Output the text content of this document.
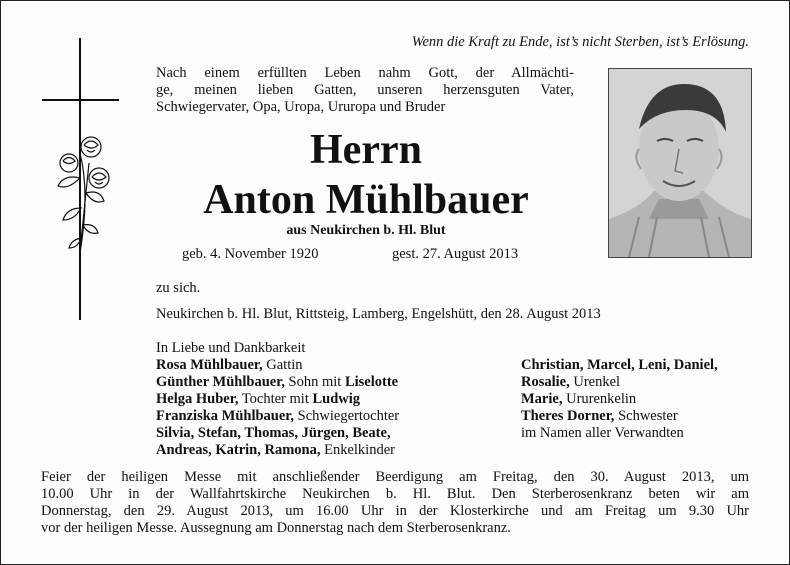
Wenn die Kraft zu Ende, ist’s nicht Sterben, ist’s Erlösung.
Nach einem erfüllten Leben nahm Gott, der Allmächti-
ge, meinen lieben Gatten, unseren herzensguten Vater,
Schwiegervater, Opa, Uropa, Ururopa und Bruder
Herrn
Anton Mühlbauer
aus Neukirchen b. Hl. Blut
geb. 4. November 1920	gest. 27. August 2013
zu sich.
Neukirchen b. Hl. Blut, Rittsteig, Lamberg, Engelshütt, den 28. August 2013
In Liebe und Dankbarkeit
Rosa Mühlbauer, Gattin
Günther Mühlbauer, Sohn mit Liselotte
Helga Huber, Tochter mit Ludwig
Franziska Mühlbauer, Schwiegertochter
Silvia, Stefan, Thomas, Jürgen, Beate,
Andreas, Katrin, Ramona, Enkelkinder
Christian, Marcel, Leni, Daniel,
Rosalie, Urenkel
Marie, Ururenkelin
Theres Dorner, Schwester
im Namen aller Verwandten
Feier der heiligen Messe mit anschließender Beerdigung am Freitag, den 30. August 2013, um
10.00 Uhr in der Wallfahrtskirche Neukirchen b. Hl. Blut. Den Sterberosenkranz beten wir am
Donnerstag, den 29. August 2013, um 16.00 Uhr in der Klosterkirche und am Freitag um 9.30 Uhr
vor der heiligen Messe. Aussegnung am Donnerstag nach dem Sterberosenkranz.
